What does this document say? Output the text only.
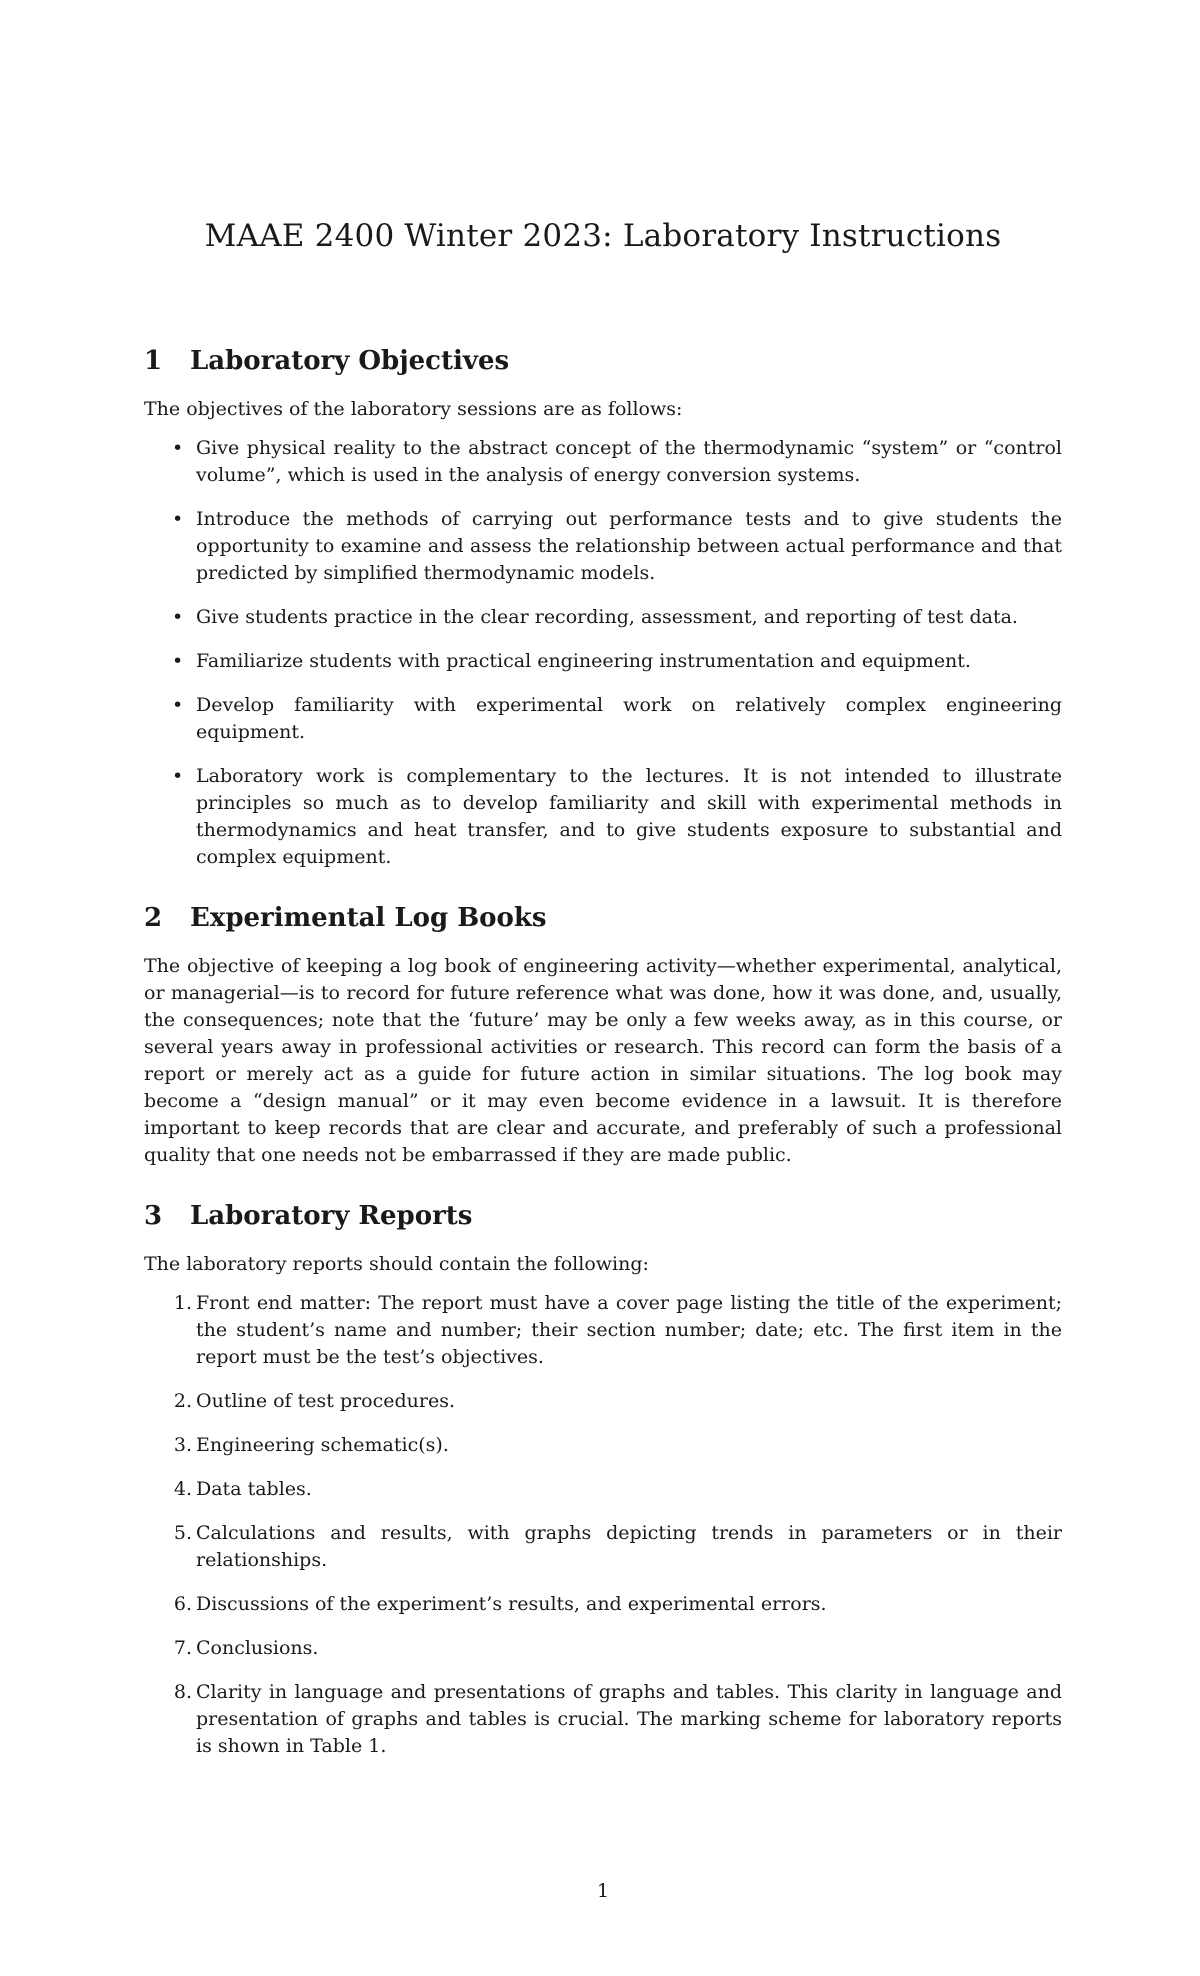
MAAE 2400 Winter 2023: Laboratory Instructions
1 Laboratory Objectives

The objectives of the laboratory sessions are as follows:

• Give physical reality to the abstract concept of the thermodynamic “system” or “control volume”, which is used in the analysis of energy conversion systems.
• Introduce the methods of carrying out performance tests and to give students the opportunity to examine and assess the relationship between actual performance and that predicted by simplified thermodynamic models.
• Give students practice in the clear recording, assessment, and reporting of test data.
• Familiarize students with practical engineering instrumentation and equipment.
• Develop familiarity with experimental work on relatively complex engineering equipment.
• Laboratory work is complementary to the lectures. It is not intended to illustrate principles so much as to develop familiarity and skill with experimental methods in thermodynamics and heat transfer, and to give students exposure to substantial and complex equipment.
2 Experimental Log Books

The objective of keeping a log book of engineering activity—whether experimental, analytical, or managerial—is to record for future reference what was done, how it was done, and, usually, the consequences; note that the ‘future’ may be only a few weeks away, as in this course, or several years away in professional activities or research. This record can form the basis of a report or merely act as a guide for future action in similar situations. The log book may become a “design manual” or it may even become evidence in a lawsuit. It is therefore important to keep records that are clear and accurate, and preferably of such a professional quality that one needs not be embarrassed if they are made public.

3 Laboratory Reports

The laboratory reports should contain the following:

1. Front end matter: The report must have a cover page listing the title of the experiment; the student’s name and number; their section number; date; etc. The first item in the report must be the test’s objectives.
2. Outline of test procedures.
3. Engineering schematic(s).
4. Data tables.
5. Calculations and results, with graphs depicting trends in parameters or in their relationships.
6. Discussions of the experiment’s results, and experimental errors.
7. Conclusions.
8. Clarity in language and presentations of graphs and tables. This clarity in language and presentation of graphs and tables is crucial. The marking scheme for laboratory reports is shown in Table 1.
1
